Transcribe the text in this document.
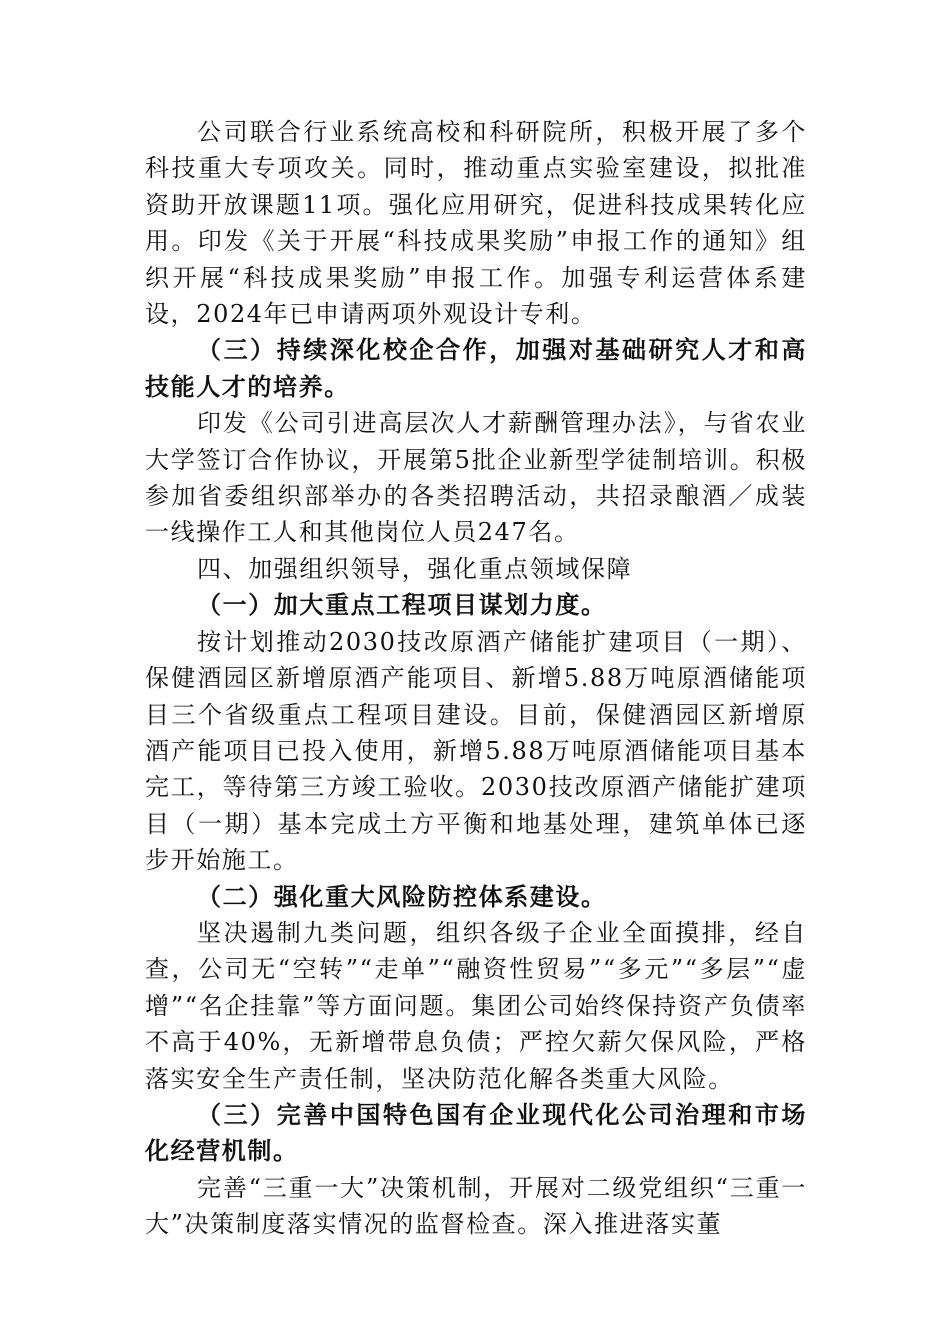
公司联合行业系统高校和科研院所，积极开展了多个科技重大专项攻关。同时，推动重点实验室建设，拟批准资助开放课题11项。强化应用研究，促进科技成果转化应用。印发《关于开展“科技成果奖励”申报工作的通知》组织开展“科技成果奖励”申报工作。加强专利运营体系建设，2024年已申请两项外观设计专利。

（三）持续深化校企合作，加强对基础研究人才和高技能人才的培养。

印发《公司引进高层次人才薪酬管理办法》，与省农业大学签订合作协议，开展第5批企业新型学徒制培训。积极参加省委组织部举办的各类招聘活动，共招录酿酒／成装一线操作工人和其他岗位人员247名。

四、加强组织领导，强化重点领域保障

（一）加大重点工程项目谋划力度。

按计划推动2030技改原酒产储能扩建项目（一期）、保健酒园区新增原酒产能项目、新增5.88万吨原酒储能项目三个省级重点工程项目建设。目前，保健酒园区新增原酒产能项目已投入使用，新增5.88万吨原酒储能项目基本完工，等待第三方竣工验收。2030技改原酒产储能扩建项目（一期）基本完成土方平衡和地基处理，建筑单体已逐步开始施工。

（二）强化重大风险防控体系建设。

坚决遏制九类问题，组织各级子企业全面摸排，经自查，公司无“空转”“走单”“融资性贸易”“多元”“多层”“虚增”“名企挂靠”等方面问题。集团公司始终保持资产负债率不高于40%，无新增带息负债；严控欠薪欠保风险，严格落实安全生产责任制，坚决防范化解各类重大风险。

（三）完善中国特色国有企业现代化公司治理和市场化经营机制。

完善“三重一大”决策机制，开展对二级党组织“三重一大”决策制度落实情况的监督检查。深入推进落实董
